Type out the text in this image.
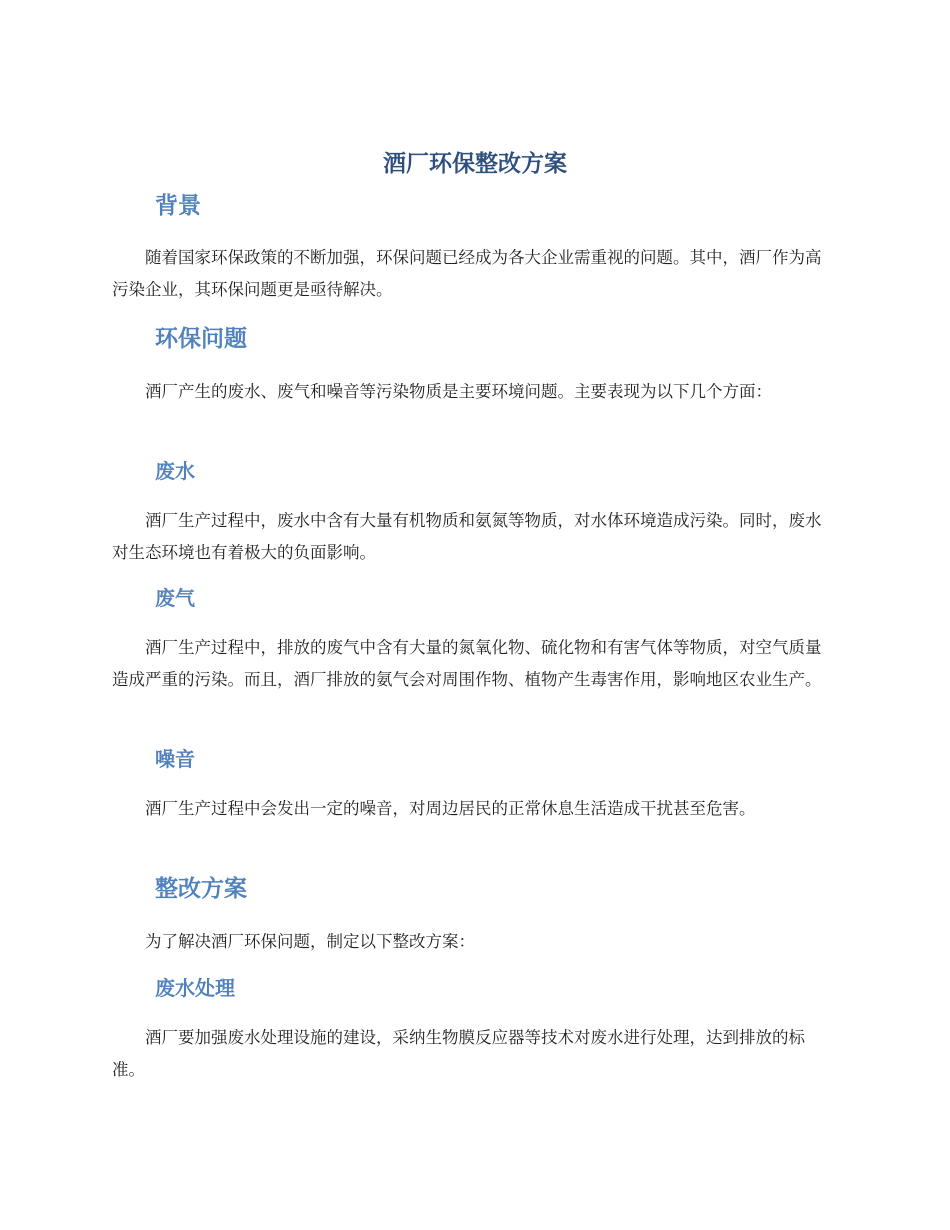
酒厂环保整改方案
背景

随着国家环保政策的不断加强，环保问题已经成为各大企业需重视的问题。其中，酒厂作为高污染企业，其环保问题更是亟待解决。

环保问题

酒厂产生的废水、废气和噪音等污染物质是主要环境问题。主要表现为以下几个方面：

废水

酒厂生产过程中，废水中含有大量有机物质和氨氮等物质，对水体环境造成污染。同时，废水对生态环境也有着极大的负面影响。

废气

酒厂生产过程中，排放的废气中含有大量的氮氧化物、硫化物和有害气体等物质，对空气质量造成严重的污染。而且，酒厂排放的氨气会对周围作物、植物产生毒害作用，影响地区农业生产。

噪音

酒厂生产过程中会发出一定的噪音，对周边居民的正常休息生活造成干扰甚至危害。

整改方案

为了解决酒厂环保问题，制定以下整改方案：

废水处理

酒厂要加强废水处理设施的建设，采纳生物膜反应器等技术对废水进行处理，达到排放的标准。
